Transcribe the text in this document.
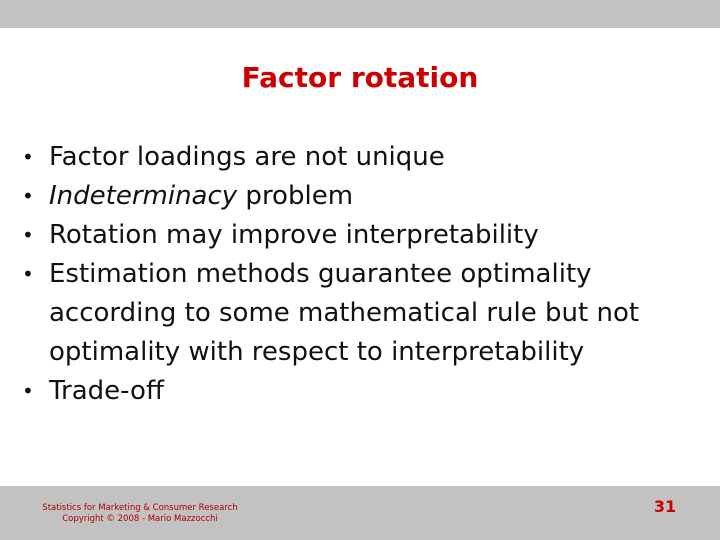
Factor rotation
• Factor loadings are not unique
• Indeterminacy problem
• Rotation may improve interpretability
• Estimation methods guarantee optimality according to some mathematical rule but not optimality with respect to interpretability
• Trade-off
Statistics for Marketing & Consumer Research
Copyright © 2008 - Mario Mazzocchi
31
